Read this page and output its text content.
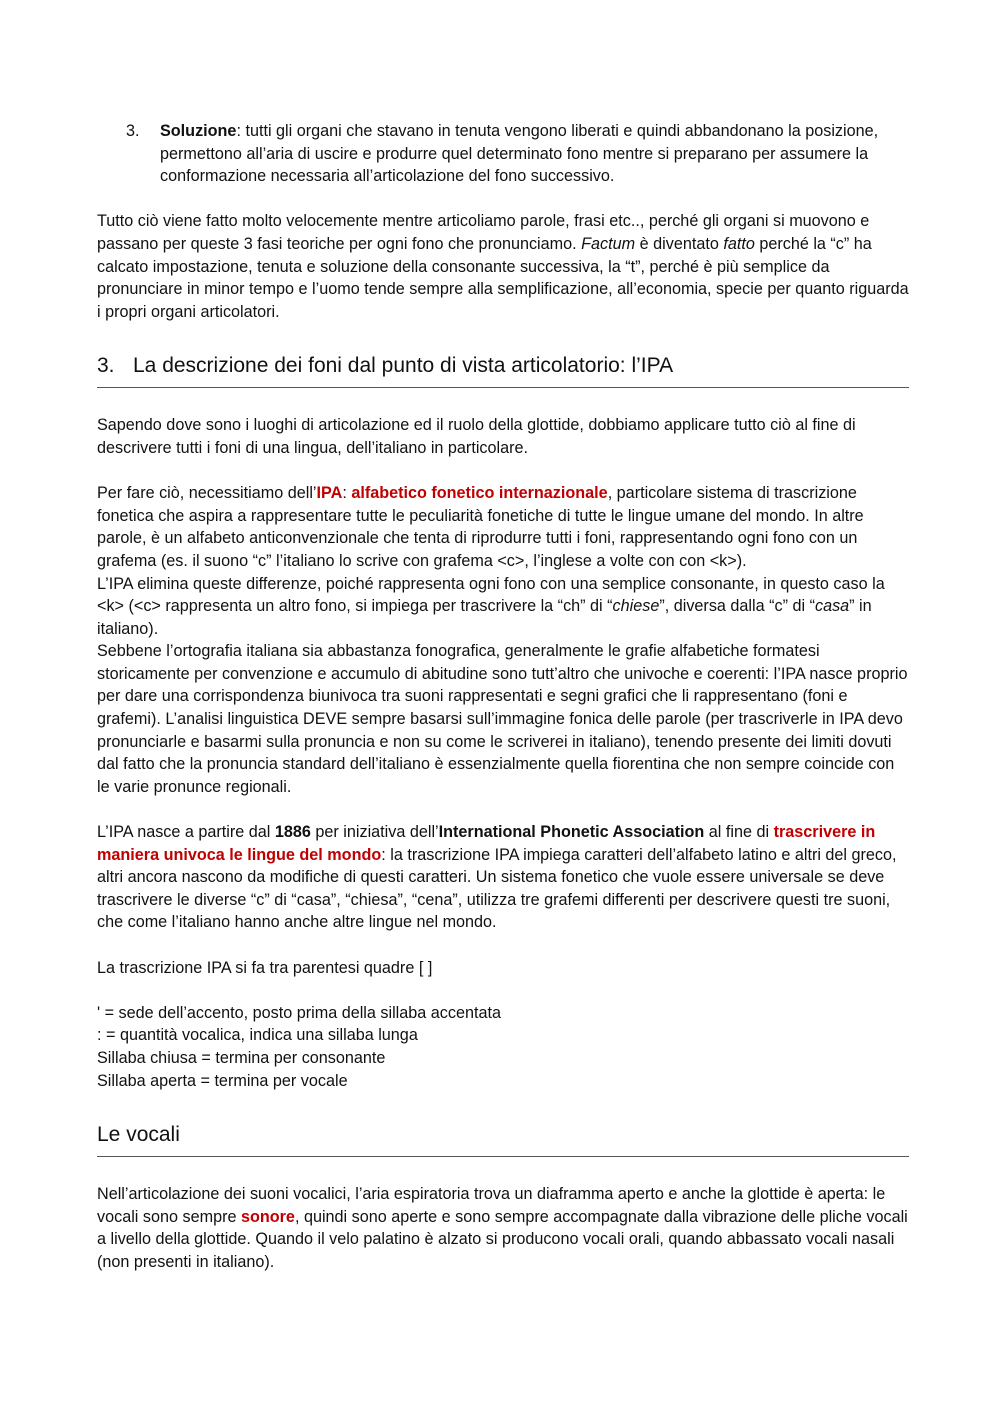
3.	Soluzione: tutti gli organi che stavano in tenuta vengono liberati e quindi abbandonano la posizione, permettono all’aria di uscire e produrre quel determinato fono mentre si preparano per assumere la conformazione necessaria all’articolazione del fono successivo.

Tutto ciò viene fatto molto velocemente mentre articoliamo parole, frasi etc.., perché gli organi si muovono e passano per queste 3 fasi teoriche per ogni fono che pronunciamo. Factum è diventato fatto perché la “c” ha calcato impostazione, tenuta e soluzione della consonante successiva, la “t”, perché è più semplice da pronunciare in minor tempo e l’uomo tende sempre alla semplificazione, all’economia, specie per quanto riguarda i propri organi articolatori.

3. La descrizione dei foni dal punto di vista articolatorio: l’IPA

Sapendo dove sono i luoghi di articolazione ed il ruolo della glottide, dobbiamo applicare tutto ciò al fine di descrivere tutti i foni di una lingua, dell’italiano in particolare.

Per fare ciò, necessitiamo dell’IPA: alfabetico fonetico internazionale, particolare sistema di trascrizione fonetica che aspira a rappresentare tutte le peculiarità fonetiche di tutte le lingue umane del mondo. In altre parole, è un alfabeto anticonvenzionale che tenta di riprodurre tutti i foni, rappresentando ogni fono con un grafema (es. il suono “c” l’italiano lo scrive con grafema <c>, l’inglese a volte con con <k>).

L’IPA elimina queste differenze, poiché rappresenta ogni fono con una semplice consonante, in questo caso la <k> (<c> rappresenta un altro fono, si impiega per trascrivere la “ch” di “chiese”, diversa dalla “c” di “casa” in italiano).

Sebbene l’ortografia italiana sia abbastanza fonografica, generalmente le grafie alfabetiche formatesi storicamente per convenzione e accumulo di abitudine sono tutt’altro che univoche e coerenti: l’IPA nasce proprio per dare una corrispondenza biunivoca tra suoni rappresentati e segni grafici che li rappresentano (foni e grafemi). L’analisi linguistica DEVE sempre basarsi sull’immagine fonica delle parole (per trascriverle in IPA devo pronunciarle e basarmi sulla pronuncia e non su come le scriverei in italiano), tenendo presente dei limiti dovuti dal fatto che la pronuncia standard dell’italiano è essenzialmente quella fiorentina che non sempre coincide con le varie pronunce regionali.

L’IPA nasce a partire dal 1886 per iniziativa dell’International Phonetic Association al fine di trascrivere in maniera univoca le lingue del mondo: la trascrizione IPA impiega caratteri dell’alfabeto latino e altri del greco, altri ancora nascono da modifiche di questi caratteri. Un sistema fonetico che vuole essere universale se deve trascrivere le diverse “c” di “casa”, “chiesa”, “cena”, utilizza tre grafemi differenti per descrivere questi tre suoni, che come l’italiano hanno anche altre lingue nel mondo.

La trascrizione IPA si fa tra parentesi quadre [ ]

' = sede dell’accento, posto prima della sillaba accentata

: = quantità vocalica, indica una sillaba lunga

Sillaba chiusa = termina per consonante

Sillaba aperta = termina per vocale

Le vocali

Nell’articolazione dei suoni vocalici, l’aria espiratoria trova un diaframma aperto e anche la glottide è aperta: le vocali sono sempre sonore, quindi sono aperte e sono sempre accompagnate dalla vibrazione delle pliche vocali a livello della glottide. Quando il velo palatino è alzato si producono vocali orali, quando abbassato vocali nasali (non presenti in italiano).
